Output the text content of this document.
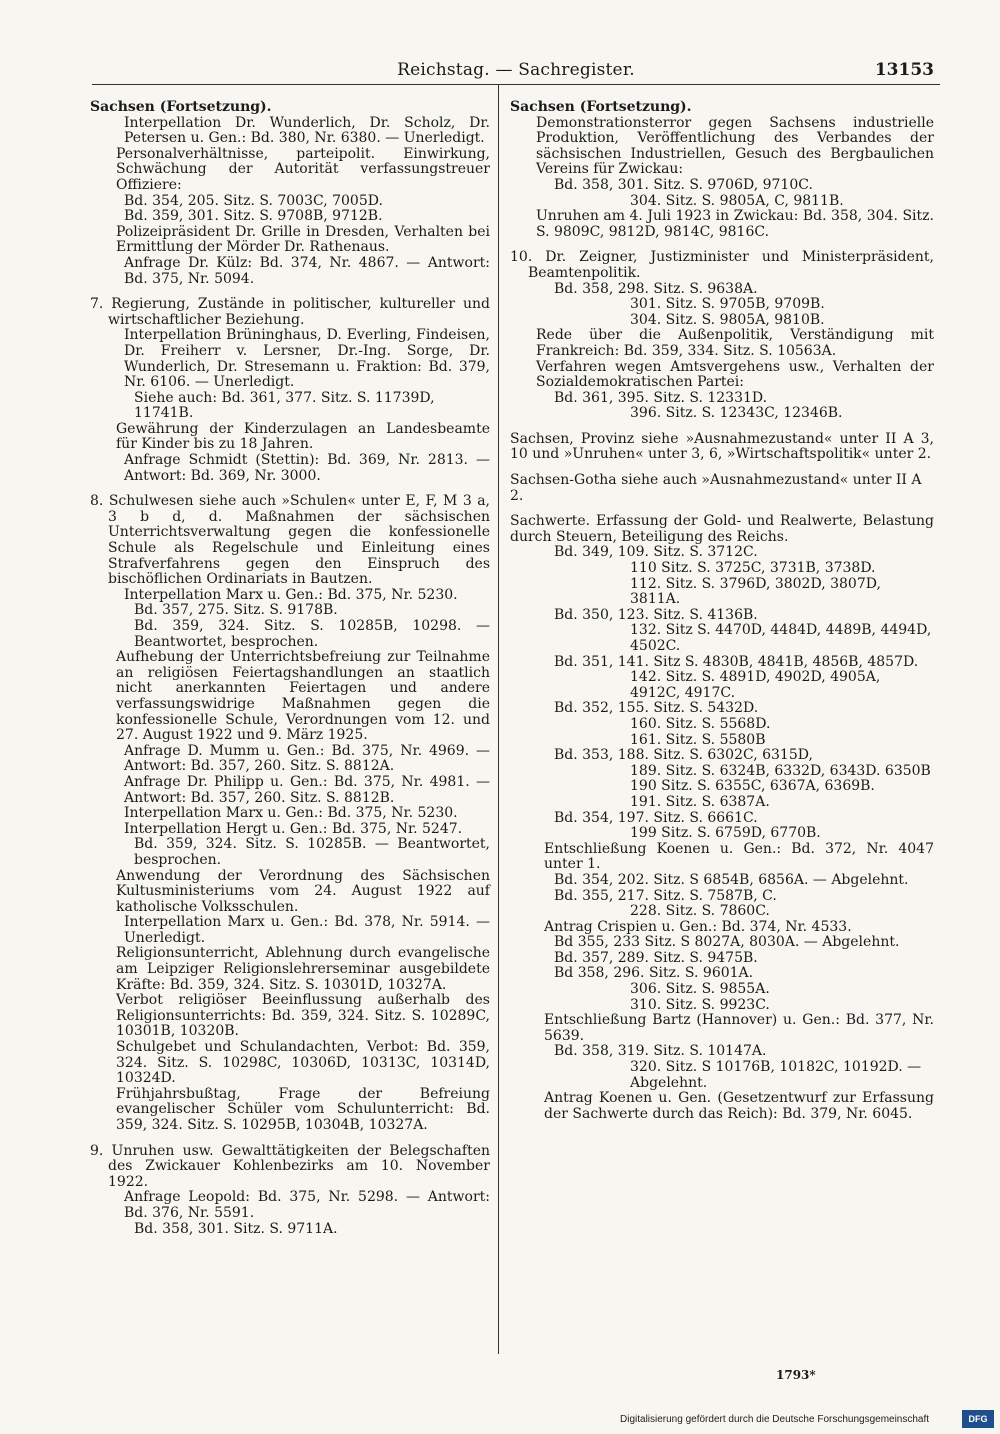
Reichstag. — Sachregister.	13153
Sachsen (Fortsetzung).
Interpellation Dr. Wunderlich, Dr. Scholz, Dr. Petersen u. Gen.: Bd. 380, Nr. 6380. — Unerledigt.
Personalverhältnisse, parteipolit. Einwirkung, Schwächung der Autorität verfassungstreuer Offiziere:
Bd. 354, 205. Sitz. S. 7003C, 7005D.
Bd. 359, 301. Sitz. S. 9708B, 9712B.
Polizeipräsident Dr. Grille in Dresden, Verhalten bei Ermittlung der Mörder Dr. Rathenaus.
Anfrage Dr. Külz: Bd. 374, Nr. 4867. — Antwort: Bd. 375, Nr. 5094.
7. Regierung, Zustände in politischer, kultureller und wirtschaftlicher Beziehung.
Interpellation Brüninghaus, D. Everling, Findeisen, Dr. Freiherr v. Lersner, Dr.-Ing. Sorge, Dr. Wunderlich, Dr. Stresemann u. Fraktion: Bd. 379, Nr. 6106. — Unerledigt.
Siehe auch: Bd. 361, 377. Sitz. S. 11739D, 11741B.
Gewährung der Kinderzulagen an Landesbeamte für Kinder bis zu 18 Jahren.
Anfrage Schmidt (Stettin): Bd. 369, Nr. 2813. — Antwort: Bd. 369, Nr. 3000.
8. Schulwesen siehe auch »Schulen« unter E, F, M 3 a, 3 b d, d. Maßnahmen der sächsischen Unterrichtsverwaltung gegen die konfessionelle Schule als Regelschule und Einleitung eines Strafverfahrens gegen den Einspruch des bischöflichen Ordinariats in Bautzen.
Interpellation Marx u. Gen.: Bd. 375, Nr. 5230.
Bd. 357, 275. Sitz. S. 9178B.
Bd. 359, 324. Sitz. S. 10285B, 10298. — Beantwortet, besprochen.
Aufhebung der Unterrichtsbefreiung zur Teilnahme an religiösen Feiertagshandlungen an staatlich nicht anerkannten Feiertagen und andere verfassungswidrige Maßnahmen gegen die konfessionelle Schule, Verordnungen vom 12. und 27. August 1922 und 9. März 1925.
Anfrage D. Mumm u. Gen.: Bd. 375, Nr. 4969. — Antwort: Bd. 357, 260. Sitz. S. 8812A.
Anfrage Dr. Philipp u. Gen.: Bd. 375, Nr. 4981. — Antwort: Bd. 357, 260. Sitz. S. 8812B.
Interpellation Marx u. Gen.: Bd. 375, Nr. 5230.
Interpellation Hergt u. Gen.: Bd. 375, Nr. 5247.
Bd. 359, 324. Sitz. S. 10285B. — Beantwortet, besprochen.
Anwendung der Verordnung des Sächsischen Kultusministeriums vom 24. August 1922 auf katholische Volksschulen.
Interpellation Marx u. Gen.: Bd. 378, Nr. 5914. — Unerledigt.
Religionsunterricht, Ablehnung durch evangelische am Leipziger Religionslehrerseminar ausgebildete Kräfte: Bd. 359, 324. Sitz. S. 10301D, 10327A.
Verbot religiöser Beeinflussung außerhalb des Religionsunterrichts: Bd. 359, 324. Sitz. S. 10289C, 10301B, 10320B.
Schulgebet und Schulandachten, Verbot: Bd. 359, 324. Sitz. S. 10298C, 10306D, 10313C, 10314D, 10324D.
Frühjahrsbußtag, Frage der Befreiung evangelischer Schüler vom Schulunterricht: Bd. 359, 324. Sitz. S. 10295B, 10304B, 10327A.
9. Unruhen usw. Gewalttätigkeiten der Belegschaften des Zwickauer Kohlenbezirks am 10. November 1922.
Anfrage Leopold: Bd. 375, Nr. 5298. — Antwort: Bd. 376, Nr. 5591.
Bd. 358, 301. Sitz. S. 9711A.
Sachsen (Fortsetzung).
Demonstrationsterror gegen Sachsens industrielle Produktion, Veröffentlichung des Verbandes der sächsischen Industriellen, Gesuch des Bergbaulichen Vereins für Zwickau:
Bd. 358, 301. Sitz. S. 9706D, 9710C.
304. Sitz. S. 9805A, C, 9811B.
Unruhen am 4. Juli 1923 in Zwickau: Bd. 358, 304. Sitz. S. 9809C, 9812D, 9814C, 9816C.
10. Dr. Zeigner, Justizminister und Ministerpräsident, Beamtenpolitik.
Bd. 358, 298. Sitz. S. 9638A.
301. Sitz. S. 9705B, 9709B.
304. Sitz. S. 9805A, 9810B.
Rede über die Außenpolitik, Verständigung mit Frankreich: Bd. 359, 334. Sitz. S. 10563A.
Verfahren wegen Amtsvergehens usw., Verhalten der Sozialdemokratischen Partei:
Bd. 361, 395. Sitz. S. 12331D.
396. Sitz. S. 12343C, 12346B.
Sachsen, Provinz siehe »Ausnahmezustand« unter II A 3, 10 und »Unruhen« unter 3, 6, »Wirtschaftspolitik« unter 2.
Sachsen-Gotha siehe auch »Ausnahmezustand« unter II A 2.
Sachwerte. Erfassung der Gold- und Realwerte, Belastung durch Steuern, Beteiligung des Reichs.
Bd. 349, 109. Sitz. S. 3712C.
110 Sitz. S. 3725C, 3731B, 3738D.
112. Sitz. S. 3796D, 3802D, 3807D, 3811A.
Bd. 350, 123. Sitz. S. 4136B.
132. Sitz S. 4470D, 4484D, 4489B, 4494D, 4502C.
Bd. 351, 141. Sitz S. 4830B, 4841B, 4856B, 4857D.
142. Sitz. S. 4891D, 4902D, 4905A, 4912C, 4917C.
Bd. 352, 155. Sitz. S. 5432D.
160. Sitz. S. 5568D.
161. Sitz. S. 5580B
Bd. 353, 188. Sitz. S. 6302C, 6315D,
189. Sitz. S. 6324B, 6332D, 6343D. 6350B
190 Sitz. S. 6355C, 6367A, 6369B.
191. Sitz. S. 6387A.
Bd. 354, 197. Sitz. S. 6661C.
199 Sitz. S. 6759D, 6770B.
Entschließung Koenen u. Gen.: Bd. 372, Nr. 4047 unter 1.
Bd. 354, 202. Sitz. S 6854B, 6856A. — Abgelehnt.
Bd. 355, 217. Sitz. S. 7587B, C.
228. Sitz. S. 7860C.
Antrag Crispien u. Gen.: Bd. 374, Nr. 4533.
Bd 355, 233 Sitz. S 8027A, 8030A. — Abgelehnt.
Bd. 357, 289. Sitz. S. 9475B.
Bd 358, 296. Sitz. S. 9601A.
306. Sitz. S. 9855A.
310. Sitz. S. 9923C.
Entschließung Bartz (Hannover) u. Gen.: Bd. 377, Nr. 5639.
Bd. 358, 319. Sitz. S. 10147A.
320. Sitz. S 10176B, 10182C, 10192D. — Abgelehnt.
Antrag Koenen u. Gen. (Gesetzentwurf zur Erfassung der Sachwerte durch das Reich): Bd. 379, Nr. 6045.
1793*
Digitalisierung gefördert durch die Deutsche Forschungsgemeinschaft	DFG
